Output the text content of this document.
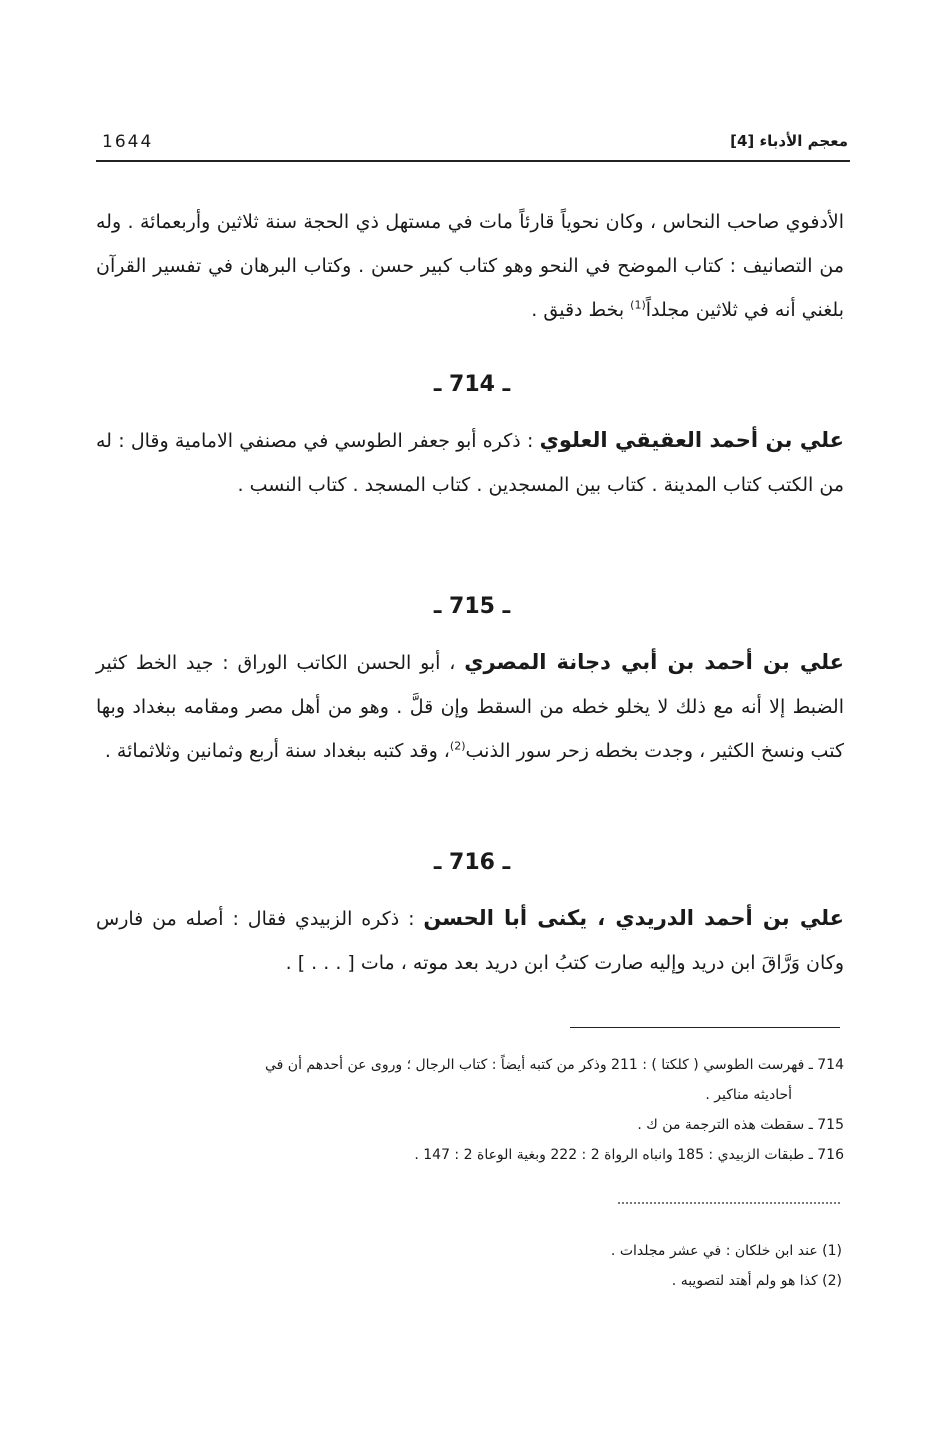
1644	معجم الأدباء [4]
الأدفوي صاحب النحاس ، وكان نحوياً قارئاً مات في مستهل ذي الحجة سنة ثلاثين وأربعمائة . وله من التصانيف : كتاب الموضح في النحو وهو كتاب كبير حسن . وكتاب البرهان في تفسير القرآن بلغني أنه في ثلاثين مجلداً$^{(1)}$ بخط دقيق .
ـ 714 ـ
علي بن أحمد العقيقي العلوي : ذكره أبو جعفر الطوسي في مصنفي الامامية وقال : له من الكتب كتاب المدينة . كتاب بين المسجدين . كتاب المسجد . كتاب النسب .
ـ 715 ـ
علي بن أحمد بن أبي دجانة المصري ، أبو الحسن الكاتب الوراق : جيد الخط كثير الضبط إلا أنه مع ذلك لا يخلو خطه من السقط وإن قلَّ . وهو من أهل مصر ومقامه ببغداد وبها كتب ونسخ الكثير ، وجدت بخطه زحر سور الذنب$^{(2)}$، وقد كتبه ببغداد سنة أربع وثمانين وثلاثمائة .
ـ 716 ـ
علي بن أحمد الدريدي ، يكنى أبا الحسن : ذكره الزبيدي فقال : أصله من فارس وكان وَرَّاقَ ابن دريد وإليه صارت كتبُ ابن دريد بعد موته ، مات [ . . . ] .
714 ـ فهرست الطوسي ( كلكتا ) : 211 وذكر من كتبه أيضاً : كتاب الرجال ؛ وروى عن أحدهم أن في
أحاديثه مناكير .
715 ـ سقطت هذه الترجمة من ك .
716 ـ طبقات الزبيدي : 185 وانباه الرواة 2 : 222 وبغية الوعاة 2 : 147 .
(1) عند ابن خلكان : في عشر مجلدات .
(2) كذا هو ولم أهتد لتصويبه .
